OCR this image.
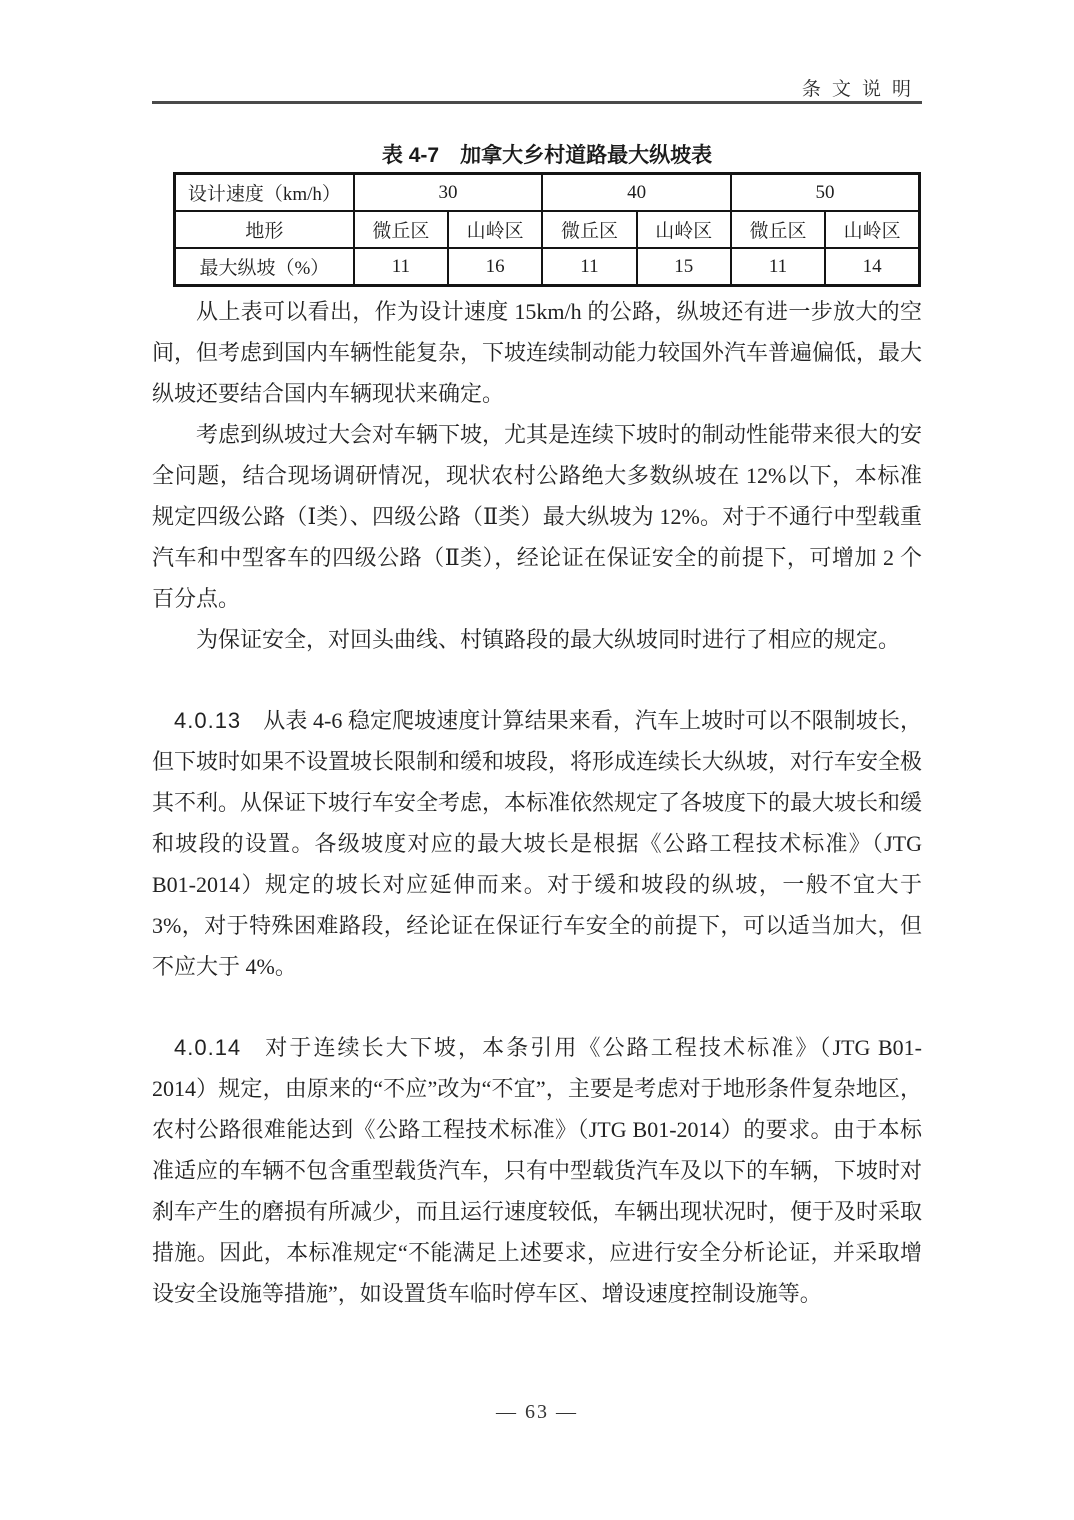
条文说明
表 4-7　加拿大乡村道路最大纵坡表
设计速度（km/h）	30		40		50	
地形	微丘区	山岭区	微丘区	山岭区	微丘区	山岭区
最大纵坡（%）	11	16	11	15	11	14

从上表可以看出，作为设计速度 15km/h 的公路，纵坡还有进一步放大的空间，但考虑到国内车辆性能复杂，下坡连续制动能力较国外汽车普遍偏低，最大纵坡还要结合国内车辆现状来确定。

考虑到纵坡过大会对车辆下坡，尤其是连续下坡时的制动性能带来很大的安全问题，结合现场调研情况，现状农村公路绝大多数纵坡在 12%以下，本标准规定四级公路（Ⅰ类）、四级公路（Ⅱ类）最大纵坡为 12%。对于不通行中型载重汽车和中型客车的四级公路（Ⅱ类），经论证在保证安全的前提下，可增加 2 个百分点。

为保证安全，对回头曲线、村镇路段的最大纵坡同时进行了相应的规定。

4.0.13 从表 4-6 稳定爬坡速度计算结果来看，汽车上坡时可以不限制坡长，但下坡时如果不设置坡长限制和缓和坡段，将形成连续长大纵坡，对行车安全极其不利。从保证下坡行车安全考虑，本标准依然规定了各坡度下的最大坡长和缓和坡段的设置。各级坡度对应的最大坡长是根据《公路工程技术标准》（JTG B01-2014）规定的坡长对应延伸而来。对于缓和坡段的纵坡，一般不宜大于 3%，对于特殊困难路段，经论证在保证行车安全的前提下，可以适当加大，但不应大于 4%。

4.0.14 对于连续长大下坡，本条引用《公路工程技术标准》（JTG B01-2014）规定，由原来的“不应”改为“不宜”，主要是考虑对于地形条件复杂地区，农村公路很难能达到《公路工程技术标准》（JTG B01-2014）的要求。由于本标准适应的车辆不包含重型载货汽车，只有中型载货汽车及以下的车辆，下坡时对刹车产生的磨损有所减少，而且运行速度较低，车辆出现状况时，便于及时采取措施。因此，本标准规定“不能满足上述要求，应进行安全分析论证，并采取增设安全设施等措施”，如设置货车临时停车区、增设速度控制设施等。

— 63 —
